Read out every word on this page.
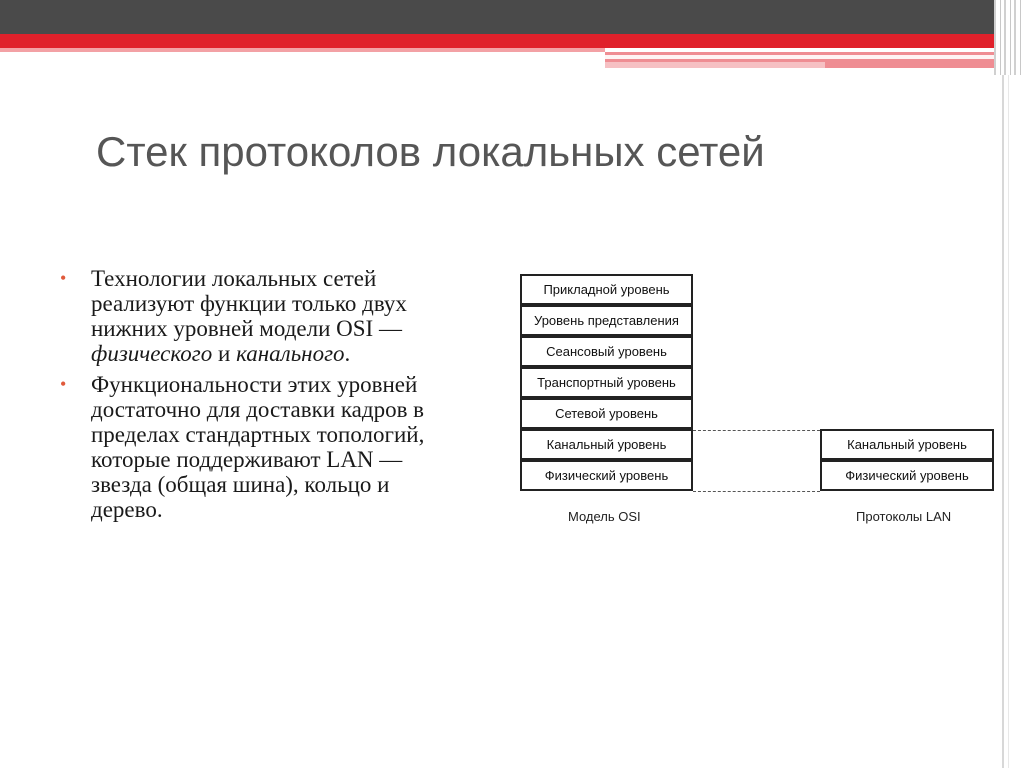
Стек протоколов локальных сетей
• Технологии локальных сетей реализуют функции только двух нижних уровней модели OSI — физического и канального.
• Функциональности этих уровней достаточно для доставки кадров в пределах стандартных топологий, которые поддерживают LAN — звезда (общая шина), кольцо и дерево.
Прикладной уровень
Уровень представления
Сеансовый уровень
Транспортный уровень
Сетевой уровень
Канальный уровень
Физический уровень
Канальный уровень
Физический уровень
Модель OSI	Протоколы LAN
